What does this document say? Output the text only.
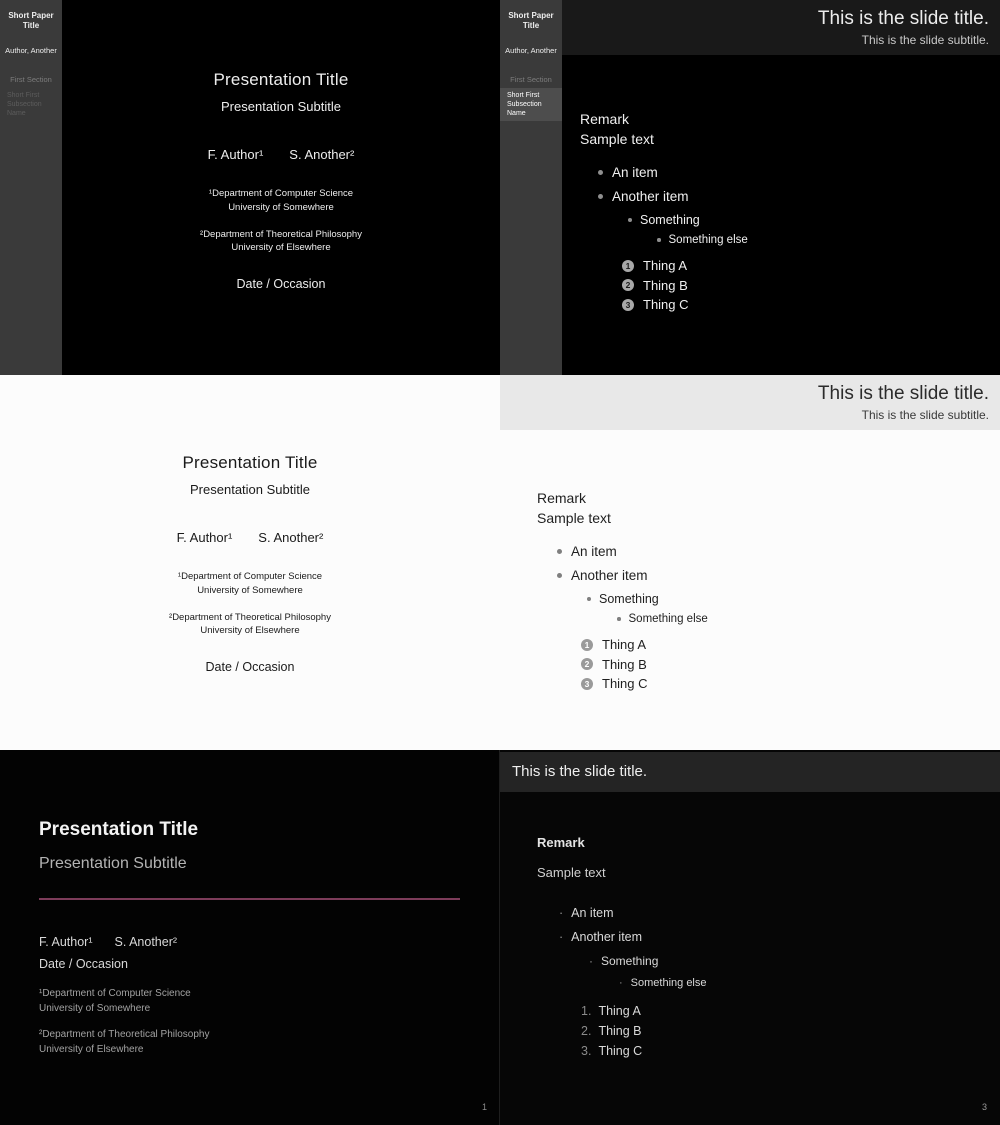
Short Paper Title
Author, Another
First Section
Short First Subsection Name
Presentation Title
Presentation Subtitle
F. Author¹ S. Another²
¹Department of Computer Science
University of Somewhere
²Department of Theoretical Philosophy
University of Elsewhere
Date / Occasion
This is the slide title.
This is the slide subtitle.
Short Paper Title
Author, Another
First Section
Short First Subsection Name	Remark
Sample text
An item
Another item
Something
Something else
1 Thing A
2 Thing B
3 Thing C
Presentation Title
Presentation Subtitle
F. Author¹ S. Another²
¹Department of Computer Science
University of Somewhere
²Department of Theoretical Philosophy
University of Elsewhere
Date / Occasion
This is the slide title.
This is the slide subtitle.
Remark
Sample text
An item
Another item
Something
Something else
1 Thing A
2 Thing B
3 Thing C
Presentation Title
Presentation Subtitle
F. Author¹ S. Another²
Date / Occasion
¹Department of Computer Science
University of Somewhere
²Department of Theoretical Philosophy
University of Elsewhere
1
This is the slide title.
Remark
Sample text
· An item
· Another item
· Something
· Something else
1. Thing A
2. Thing B
3. Thing C
3
